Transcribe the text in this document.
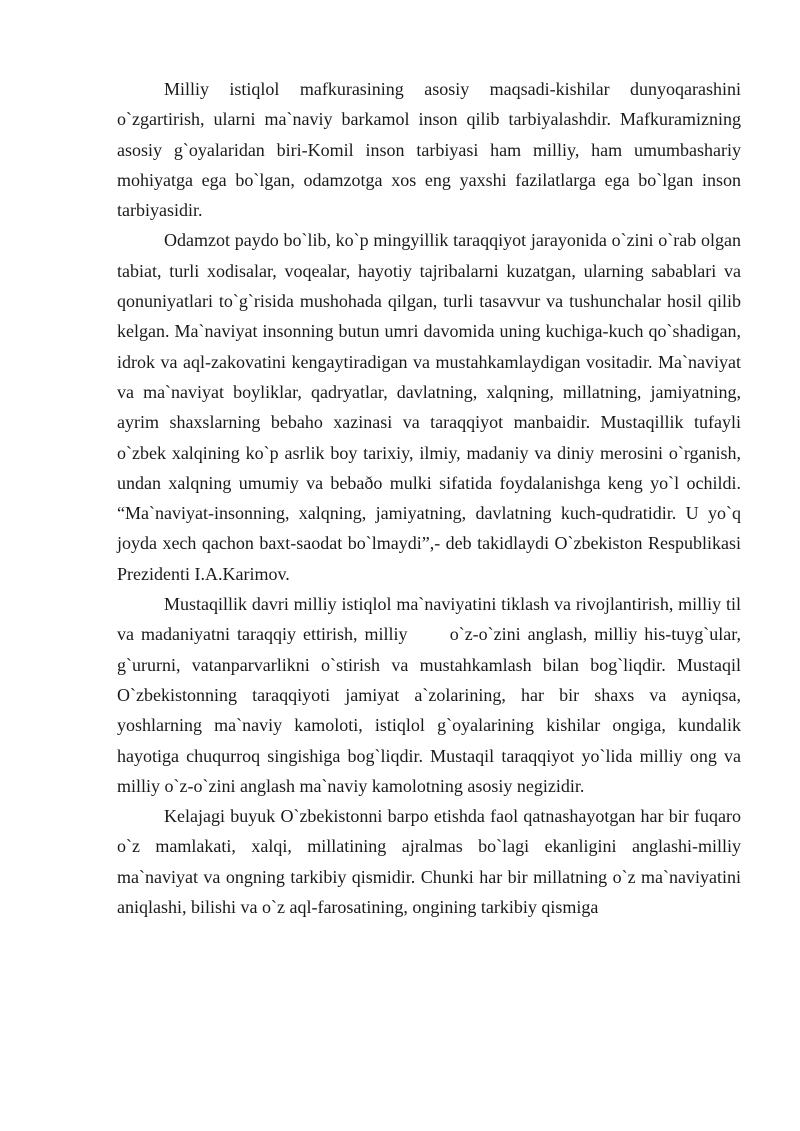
Milliy istiqlol mafkurasining asosiy maqsadi-kishilar dunyoqarashini o`zgartirish, ularni ma`naviy barkamol inson qilib tarbiyalashdir. Mafkuramizning asosiy g`oyalaridan biri-Komil inson tarbiyasi ham milliy, ham umumbashariy mohiyatga ega bo`lgan, odamzotga xos eng yaxshi fazilatlarga ega bo`lgan inson tarbiyasidir.

Odamzot paydo bo`lib, ko`p mingyillik taraqqiyot jarayonida o`zini o`rab olgan tabiat, turli xodisalar, voqealar, hayotiy tajribalarni kuzatgan, ularning sabablari va qonuniyatlari to`g`risida mushohada qilgan, turli tasavvur va tushunchalar hosil qilib kelgan. Ma`naviyat insonning butun umri davomida uning kuchiga-kuch qo`shadigan, idrok va aql-zakovatini kengaytiradigan va mustahkamlaydigan vositadir. Ma`naviyat va ma`naviyat boyliklar, qadryatlar, davlatning, xalqning, millatning, jamiyatning, ayrim shaxslarning bebaho xazinasi va taraqqiyot manbaidir. Mustaqillik tufayli o`zbek xalqining ko`p asrlik boy tarixiy, ilmiy, madaniy va diniy merosini o`rganish, undan xalqning umumiy va bebaðo mulki sifatida foydalanishga keng yo`l ochildi. “Ma`naviyat-insonning, xalqning, jamiyatning, davlatning kuch-qudratidir. U yo`q joyda xech qachon baxt-saodat bo`lmaydi”,- deb takidlaydi O`zbekiston Respublikasi Prezidenti I.A.Karimov.

Mustaqillik davri milliy istiqlol ma`naviyatini tiklash va rivojlantirish, milliy til va madaniyatni taraqqiy ettirish, milliy      o`z-o`zini anglash, milliy his-tuyg`ular, g`ururni, vatanparvarlikni o`stirish va mustahkamlash bilan bog`liqdir. Mustaqil O`zbekistonning taraqqiyoti jamiyat a`zolarining, har bir shaxs va ayniqsa, yoshlarning ma`naviy kamoloti, istiqlol g`oyalarining kishilar ongiga, kundalik hayotiga chuqurroq singishiga bog`liqdir. Mustaqil taraqqiyot yo`lida milliy ong va milliy o`z-o`zini anglash ma`naviy kamolotning asosiy negizidir.

Kelajagi buyuk O`zbekistonni barpo etishda faol qatnashayotgan har bir fuqaro o`z mamlakati, xalqi, millatining ajralmas bo`lagi ekanligini anglashi-milliy ma`naviyat va ongning tarkibiy qismidir. Chunki har bir millatning o`z ma`naviyatini aniqlashi, bilishi va o`z aql-farosatining, ongining tarkibiy qismiga
